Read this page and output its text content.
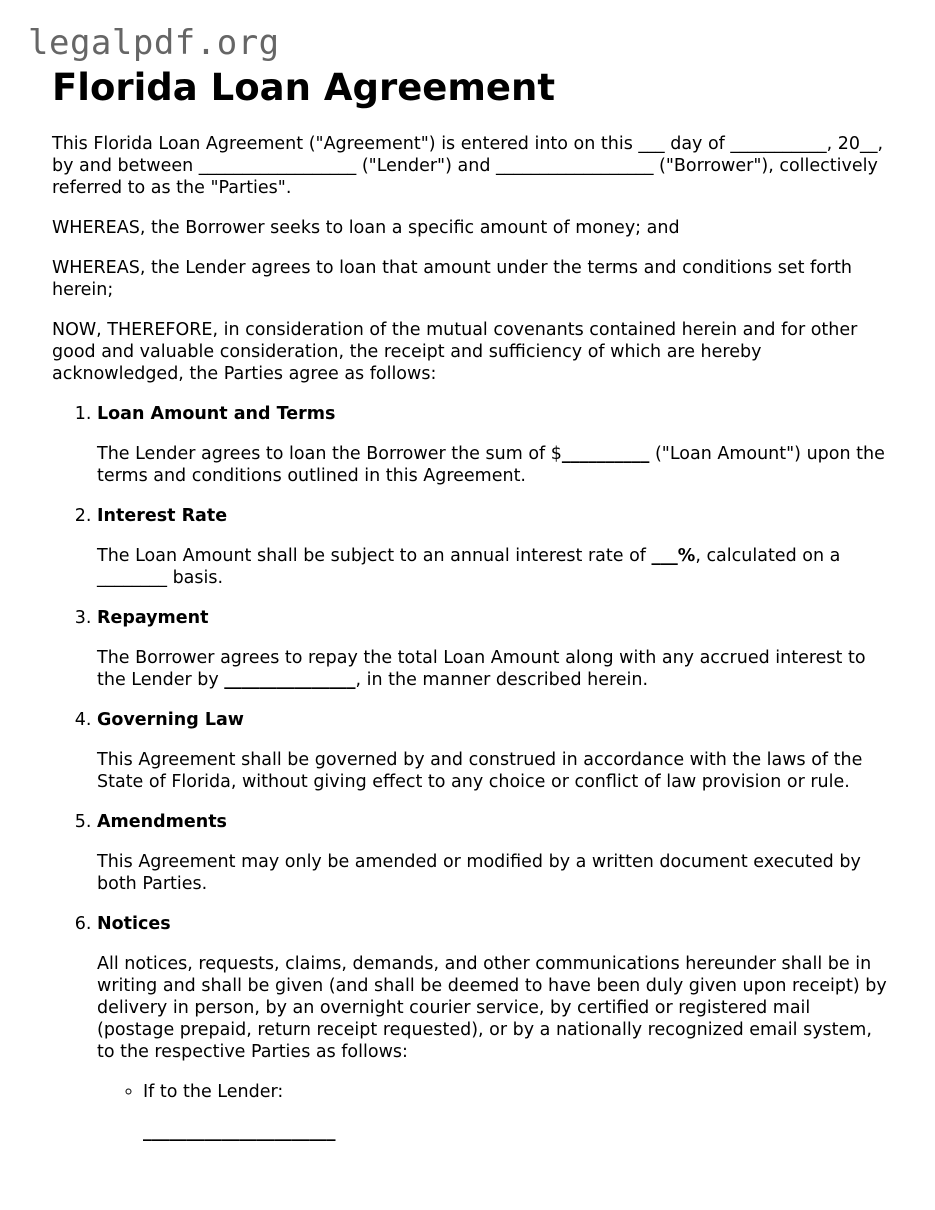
legalpdf.org
Florida Loan Agreement

This Florida Loan Agreement ("Agreement") is entered into on this ___ day of ___________, 20__, by and between __________________ ("Lender") and __________________ ("Borrower"), collectively referred to as the "Parties".

WHEREAS, the Borrower seeks to loan a specific amount of money; and

WHEREAS, the Lender agrees to loan that amount under the terms and conditions set forth herein;

NOW, THEREFORE, in consideration of the mutual covenants contained herein and for other good and valuable consideration, the receipt and sufficiency of which are hereby acknowledged, the Parties agree as follows:

1. Loan Amount and Terms

The Lender agrees to loan the Borrower the sum of $__________ ("Loan Amount") upon the terms and conditions outlined in this Agreement.

2. Interest Rate

The Loan Amount shall be subject to an annual interest rate of ___%, calculated on a ________ basis.

3. Repayment

The Borrower agrees to repay the total Loan Amount along with any accrued interest to the Lender by _______________, in the manner described herein.

4. Governing Law

This Agreement shall be governed by and construed in accordance with the laws of the State of Florida, without giving effect to any choice or conflict of law provision or rule.

5. Amendments

This Agreement may only be amended or modified by a written document executed by both Parties.

6. Notices

All notices, requests, claims, demands, and other communications hereunder shall be in writing and shall be given (and shall be deemed to have been duly given upon receipt) by delivery in person, by an overnight courier service, by certified or registered mail (postage prepaid, return receipt requested), or by a nationally recognized email system, to the respective Parties as follows:

◦ If to the Lender:

______________________
